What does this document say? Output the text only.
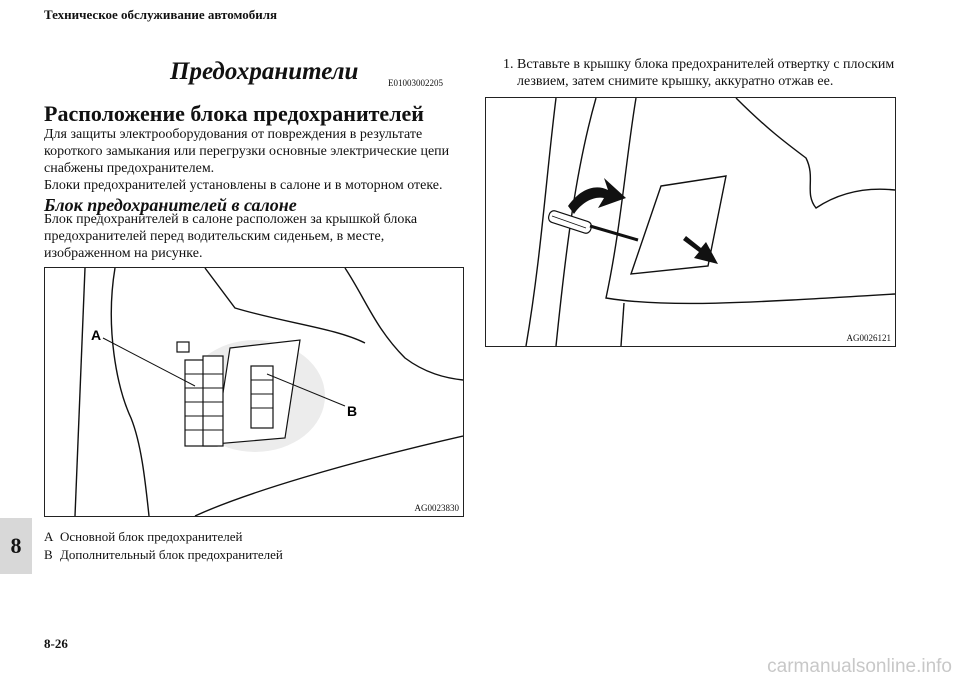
Техническое обслуживание автомобиля
Предохранители	E01003002205
Расположение блока предохранителей
Для защиты электрооборудования от повреждения в результате
короткого замыкания или перегрузки основные электрические цепи
снабжены предохранителем.
Блоки предохранителей установлены в салоне и в моторном отеке.
Блок предохранителей в салоне
Блок предохранителей в салоне расположен за крышкой блока
предохранителей перед водительским сиденьем, в месте,
изображенном на рисунке.
A
B
AG0023830
A Основной блок предохранителей
B Дополнительный блок предохранителей
1. Вставьте в крышку блока предохранителей отвертку с плоским
лезвием, затем снимите крышку, аккуратно отжав ее.
AG0026121
8
8-26
carmanualsonline.info
